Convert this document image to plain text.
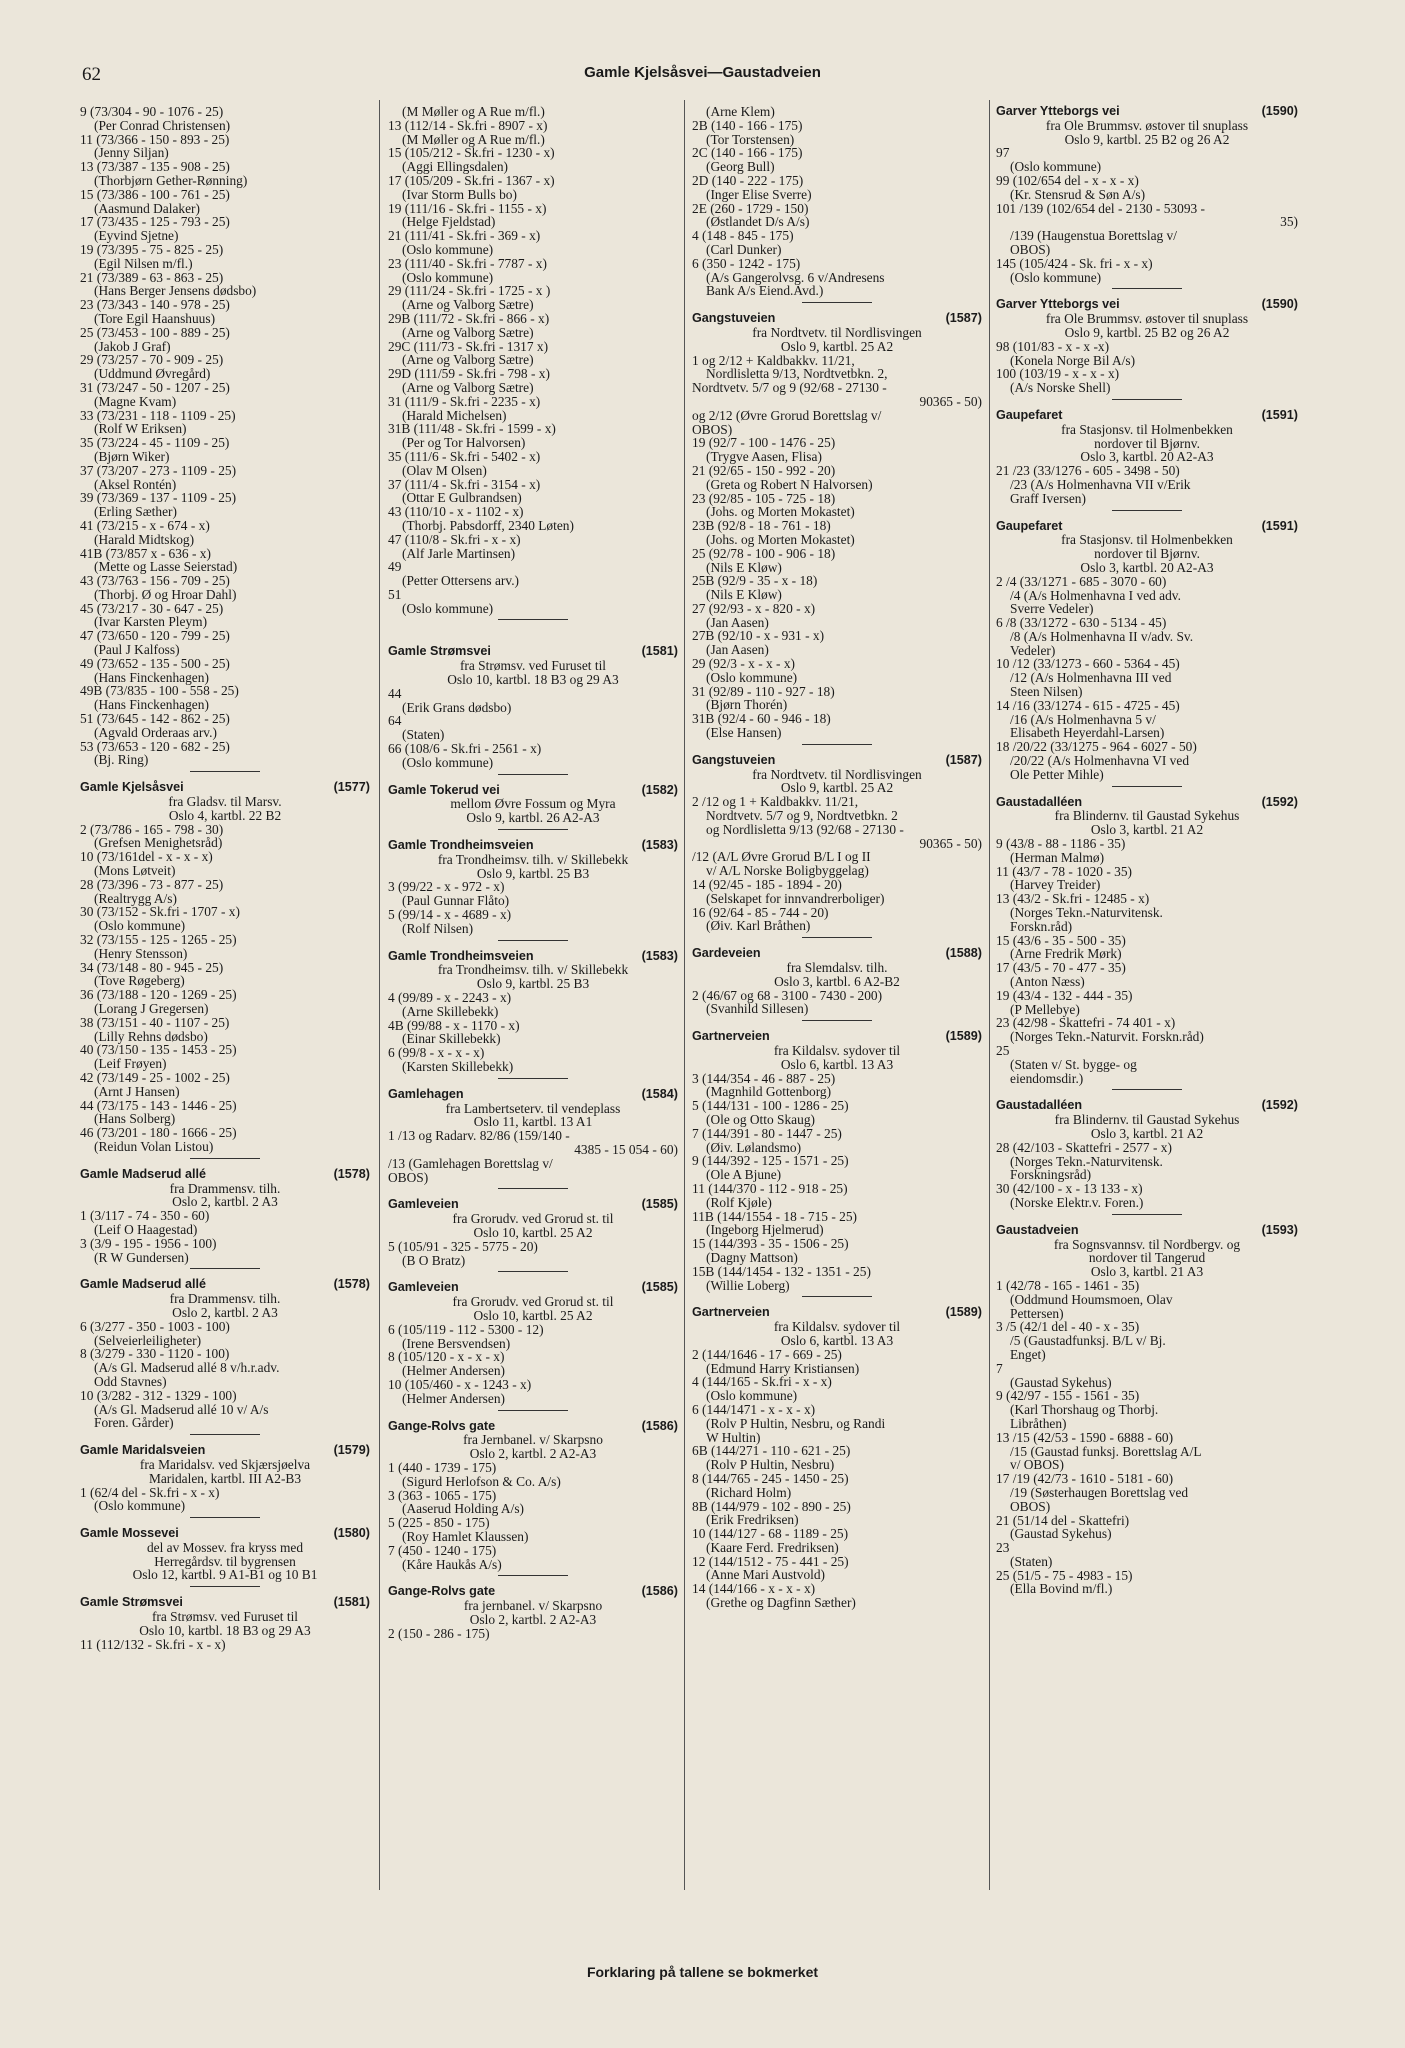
62	Gamle Kjelsåsvei—Gaustadveien
9 (73/304 - 90 - 1076 - 25)
(Per Conrad Christensen)
11 (73/366 - 150 - 893 - 25)
(Jenny Siljan)
13 (73/387 - 135 - 908 - 25)
(Thorbjørn Gether-Rønning)
15 (73/386 - 100 - 761 - 25)
(Aasmund Dalaker)
17 (73/435 - 125 - 793 - 25)
(Eyvind Sjetne)
19 (73/395 - 75 - 825 - 25)
(Egil Nilsen m/fl.)
21 (73/389 - 63 - 863 - 25)
(Hans Berger Jensens dødsbo)
23 (73/343 - 140 - 978 - 25)
(Tore Egil Haanshuus)
25 (73/453 - 100 - 889 - 25)
(Jakob J Graf)
29 (73/257 - 70 - 909 - 25)
(Uddmund Øvregård)
31 (73/247 - 50 - 1207 - 25)
(Magne Kvam)
33 (73/231 - 118 - 1109 - 25)
(Rolf W Eriksen)
35 (73/224 - 45 - 1109 - 25)
(Bjørn Wiker)
37 (73/207 - 273 - 1109 - 25)
(Aksel Rontén)
39 (73/369 - 137 - 1109 - 25)
(Erling Sæther)
41 (73/215 - x - 674 - x)
(Harald Midtskog)
41B (73/857 x - 636 - x)
(Mette og Lasse Seierstad)
43 (73/763 - 156 - 709 - 25)
(Thorbj. Ø og Hroar Dahl)
45 (73/217 - 30 - 647 - 25)
(Ivar Karsten Pleym)
47 (73/650 - 120 - 799 - 25)
(Paul J Kalfoss)
49 (73/652 - 135 - 500 - 25)
(Hans Finckenhagen)
49B (73/835 - 100 - 558 - 25)
(Hans Finckenhagen)
51 (73/645 - 142 - 862 - 25)
(Agvald Orderaas arv.)
53 (73/653 - 120 - 682 - 25)
(Bj. Ring)
Gamle Kjelsåsvei	(1577)
fra Gladsv. til Marsv.
Oslo 4, kartbl. 22 B2
2 (73/786 - 165 - 798 - 30)
(Grefsen Menighetsråd)
10 (73/161del - x - x - x)
(Mons Løtveit)
28 (73/396 - 73 - 877 - 25)
(Realtrygg A/s)
30 (73/152 - Sk.fri - 1707 - x)
(Oslo kommune)
32 (73/155 - 125 - 1265 - 25)
(Henry Stensson)
34 (73/148 - 80 - 945 - 25)
(Tove Røgeberg)
36 (73/188 - 120 - 1269 - 25)
(Lorang J Gregersen)
38 (73/151 - 40 - 1107 - 25)
(Lilly Rehns dødsbo)
40 (73/150 - 135 - 1453 - 25)
(Leif Frøyen)
42 (73/149 - 25 - 1002 - 25)
(Arnt J Hansen)
44 (73/175 - 143 - 1446 - 25)
(Hans Solberg)
46 (73/201 - 180 - 1666 - 25)
(Reidun Volan Listou)
Gamle Madserud allé	(1578)
fra Drammensv. tilh.
Oslo 2, kartbl. 2 A3
1 (3/117 - 74 - 350 - 60)
(Leif O Haagestad)
3 (3/9 - 195 - 1956 - 100)
(R W Gundersen)
Gamle Madserud allé	(1578)
fra Drammensv. tilh.
Oslo 2, kartbl. 2 A3
6 (3/277 - 350 - 1003 - 100)
(Selveierleiligheter)
8 (3/279 - 330 - 1120 - 100)
(A/s Gl. Madserud allé 8 v/h.r.adv.
Odd Stavnes)
10 (3/282 - 312 - 1329 - 100)
(A/s Gl. Madserud allé 10 v/ A/s
Foren. Gårder)
Gamle Maridalsveien	(1579)
fra Maridalsv. ved Skjærsjøelva
Maridalen, kartbl. III A2-B3
1 (62/4 del - Sk.fri - x - x)
(Oslo kommune)
Gamle Mossevei	(1580)
del av Mossev. fra kryss med
Herregårdsv. til bygrensen
Oslo 12, kartbl. 9 A1-B1 og 10 B1
Gamle Strømsvei	(1581)
fra Strømsv. ved Furuset til
Oslo 10, kartbl. 18 B3 og 29 A3
11 (112/132 - Sk.fri - x - x)
(M Møller og A Rue m/fl.)
13 (112/14 - Sk.fri - 8907 - x)
(M Møller og A Rue m/fl.)
15 (105/212 - Sk.fri - 1230 - x)
(Aggi Ellingsdalen)
17 (105/209 - Sk.fri - 1367 - x)
(Ivar Storm Bulls bo)
19 (111/16 - Sk.fri - 1155 - x)
(Helge Fjeldstad)
21 (111/41 - Sk.fri - 369 - x)
(Oslo kommune)
23 (111/40 - Sk.fri - 7787 - x)
(Oslo kommune)
29 (111/24 - Sk.fri - 1725 - x )
(Arne og Valborg Sætre)
29B (111/72 - Sk.fri - 866 - x)
(Arne og Valborg Sætre)
29C (111/73 - Sk.fri - 1317 x)
(Arne og Valborg Sætre)
29D (111/59 - Sk.fri - 798 - x)
(Arne og Valborg Sætre)
31 (111/9 - Sk.fri - 2235 - x)
(Harald Michelsen)
31B (111/48 - Sk.fri - 1599 - x)
(Per og Tor Halvorsen)
35 (111/6 - Sk.fri - 5402 - x)
(Olav M Olsen)
37 (111/4 - Sk.fri - 3154 - x)
(Ottar E Gulbrandsen)
43 (110/10 - x - 1102 - x)
(Thorbj. Pabsdorff, 2340 Løten)
47 (110/8 - Sk.fri - x - x)
(Alf Jarle Martinsen)
49
(Petter Ottersens arv.)
51
(Oslo kommune)
Gamle Strømsvei	(1581)
fra Strømsv. ved Furuset til
Oslo 10, kartbl. 18 B3 og 29 A3
44
(Erik Grans dødsbo)
64
(Staten)
66 (108/6 - Sk.fri - 2561 - x)
(Oslo kommune)
Gamle Tokerud vei	(1582)
mellom Øvre Fossum og Myra
Oslo 9, kartbl. 26 A2-A3
Gamle Trondheimsveien	(1583)
fra Trondheimsv. tilh. v/ Skillebekk
Oslo 9, kartbl. 25 B3
3 (99/22 - x - 972 - x)
(Paul Gunnar Flåto)
5 (99/14 - x - 4689 - x)
(Rolf Nilsen)
Gamle Trondheimsveien	(1583)
fra Trondheimsv. tilh. v/ Skillebekk
Oslo 9, kartbl. 25 B3
4 (99/89 - x - 2243 - x)
(Arne Skillebekk)
4B (99/88 - x - 1170 - x)
(Einar Skillebekk)
6 (99/8 - x - x - x)
(Karsten Skillebekk)
Gamlehagen	(1584)
fra Lambertseterv. til vendeplass
Oslo 11, kartbl. 13 A1
1 /13 og Radarv. 82/86 (159/140 -
4385 - 15 054 - 60)
/13 (Gamlehagen Borettslag v/
OBOS)
Gamleveien	(1585)
fra Grorudv. ved Grorud st. til
Oslo 10, kartbl. 25 A2
5 (105/91 - 325 - 5775 - 20)
(B O Bratz)
Gamleveien	(1585)
fra Grorudv. ved Grorud st. til
Oslo 10, kartbl. 25 A2
6 (105/119 - 112 - 5300 - 12)
(Irene Bersvendsen)
8 (105/120 - x - x - x)
(Helmer Andersen)
10 (105/460 - x - 1243 - x)
(Helmer Andersen)
Gange-Rolvs gate	(1586)
fra Jernbanel. v/ Skarpsno
Oslo 2, kartbl. 2 A2-A3
1 (440 - 1739 - 175)
(Sigurd Herlofson & Co. A/s)
3 (363 - 1065 - 175)
(Aaserud Holding A/s)
5 (225 - 850 - 175)
(Roy Hamlet Klaussen)
7 (450 - 1240 - 175)
(Kåre Haukås A/s)
Gange-Rolvs gate	(1586)
fra jernbanel. v/ Skarpsno
Oslo 2, kartbl. 2 A2-A3
2 (150 - 286 - 175)
(Arne Klem)
2B (140 - 166 - 175)
(Tor Torstensen)
2C (140 - 166 - 175)
(Georg Bull)
2D (140 - 222 - 175)
(Inger Elise Sverre)
2E (260 - 1729 - 150)
(Østlandet D/s A/s)
4 (148 - 845 - 175)
(Carl Dunker)
6 (350 - 1242 - 175)
(A/s Gangerolvsg. 6 v/Andresens
Bank A/s Eiend.Avd.)
Gangstuveien	(1587)
fra Nordtvetv. til Nordlisvingen
Oslo 9, kartbl. 25 A2
1 og 2/12 + Kaldbakkv. 11/21,
Nordlisletta 9/13, Nordtvetbkn. 2,
Nordtvetv. 5/7 og 9 (92/68 - 27130 -
90365 - 50)
og 2/12 (Øvre Grorud Borettslag v/
OBOS)
19 (92/7 - 100 - 1476 - 25)
(Trygve Aasen, Flisa)
21 (92/65 - 150 - 992 - 20)
(Greta og Robert N Halvorsen)
23 (92/85 - 105 - 725 - 18)
(Johs. og Morten Mokastet)
23B (92/8 - 18 - 761 - 18)
(Johs. og Morten Mokastet)
25 (92/78 - 100 - 906 - 18)
(Nils E Kløw)
25B (92/9 - 35 - x - 18)
(Nils E Kløw)
27 (92/93 - x - 820 - x)
(Jan Aasen)
27B (92/10 - x - 931 - x)
(Jan Aasen)
29 (92/3 - x - x - x)
(Oslo kommune)
31 (92/89 - 110 - 927 - 18)
(Bjørn Thorén)
31B (92/4 - 60 - 946 - 18)
(Else Hansen)
Gangstuveien	(1587)
fra Nordtvetv. til Nordlisvingen
Oslo 9, kartbl. 25 A2
2 /12 og 1 + Kaldbakkv. 11/21,
Nordtvetv. 5/7 og 9, Nordtvetbkn. 2
og Nordlisletta 9/13 (92/68 - 27130 -
90365 - 50)
/12 (A/L Øvre Grorud B/L I og II
v/ A/L Norske Boligbyggelag)
14 (92/45 - 185 - 1894 - 20)
(Selskapet for innvandrerboliger)
16 (92/64 - 85 - 744 - 20)
(Øiv. Karl Bråthen)
Gardeveien	(1588)
fra Slemdalsv. tilh.
Oslo 3, kartbl. 6 A2-B2
2 (46/67 og 68 - 3100 - 7430 - 200)
(Svanhild Sillesen)
Gartnerveien	(1589)
fra Kildalsv. sydover til
Oslo 6, kartbl. 13 A3
3 (144/354 - 46 - 887 - 25)
(Magnhild Gottenborg)
5 (144/131 - 100 - 1286 - 25)
(Ole og Otto Skaug)
7 (144/391 - 80 - 1447 - 25)
(Øiv. Lølandsmo)
9 (144/392 - 125 - 1571 - 25)
(Ole A Bjune)
11 (144/370 - 112 - 918 - 25)
(Rolf Kjøle)
11B (144/1554 - 18 - 715 - 25)
(Ingeborg Hjelmerud)
15 (144/393 - 35 - 1506 - 25)
(Dagny Mattson)
15B (144/1454 - 132 - 1351 - 25)
(Willie Loberg)
Gartnerveien	(1589)
fra Kildalsv. sydover til
Oslo 6, kartbl. 13 A3
2 (144/1646 - 17 - 669 - 25)
(Edmund Harry Kristiansen)
4 (144/165 - Sk.fri - x - x)
(Oslo kommune)
6 (144/1471 - x - x - x)
(Rolv P Hultin, Nesbru, og Randi
W Hultin)
6B (144/271 - 110 - 621 - 25)
(Rolv P Hultin, Nesbru)
8 (144/765 - 245 - 1450 - 25)
(Richard Holm)
8B (144/979 - 102 - 890 - 25)
(Erik Fredriksen)
10 (144/127 - 68 - 1189 - 25)
(Kaare Ferd. Fredriksen)
12 (144/1512 - 75 - 441 - 25)
(Anne Mari Austvold)
14 (144/166 - x - x - x)
(Grethe og Dagfinn Sæther)
Garver Ytteborgs vei	(1590)
fra Ole Brummsv. østover til snuplass
Oslo 9, kartbl. 25 B2 og 26 A2
97
(Oslo kommune)
99 (102/654 del - x - x - x)
(Kr. Stensrud & Søn A/s)
101 /139 (102/654 del - 2130 - 53093 -
35)
/139 (Haugenstua Borettslag v/
OBOS)
145 (105/424 - Sk. fri - x - x)
(Oslo kommune)
Garver Ytteborgs vei	(1590)
fra Ole Brummsv. østover til snuplass
Oslo 9, kartbl. 25 B2 og 26 A2
98 (101/83 - x - x -x)
(Konela Norge Bil A/s)
100 (103/19 - x - x - x)
(A/s Norske Shell)
Gaupefaret	(1591)
fra Stasjonsv. til Holmenbekken
nordover til Bjørnv.
Oslo 3, kartbl. 20 A2-A3
21 /23 (33/1276 - 605 - 3498 - 50)
/23 (A/s Holmenhavna VII v/Erik
Graff Iversen)
Gaupefaret	(1591)
fra Stasjonsv. til Holmenbekken
nordover til Bjørnv.
Oslo 3, kartbl. 20 A2-A3
2 /4 (33/1271 - 685 - 3070 - 60)
/4 (A/s Holmenhavna I ved adv.
Sverre Vedeler)
6 /8 (33/1272 - 630 - 5134 - 45)
/8 (A/s Holmenhavna II v/adv. Sv.
Vedeler)
10 /12 (33/1273 - 660 - 5364 - 45)
/12 (A/s Holmenhavna III ved
Steen Nilsen)
14 /16 (33/1274 - 615 - 4725 - 45)
/16 (A/s Holmenhavna 5 v/
Elisabeth Heyerdahl-Larsen)
18 /20/22 (33/1275 - 964 - 6027 - 50)
/20/22 (A/s Holmenhavna VI ved
Ole Petter Mihle)
Gaustadalléen	(1592)
fra Blindernv. til Gaustad Sykehus
Oslo 3, kartbl. 21 A2
9 (43/8 - 88 - 1186 - 35)
(Herman Malmø)
11 (43/7 - 78 - 1020 - 35)
(Harvey Treider)
13 (43/2 - Sk.fri - 12485 - x)
(Norges Tekn.-Naturvitensk.
Forskn.råd)
15 (43/6 - 35 - 500 - 35)
(Arne Fredrik Mørk)
17 (43/5 - 70 - 477 - 35)
(Anton Næss)
19 (43/4 - 132 - 444 - 35)
(P Mellebye)
23 (42/98 - Skattefri - 74 401 - x)
(Norges Tekn.-Naturvit. Forskn.råd)
25
(Staten v/ St. bygge- og
eiendomsdir.)
Gaustadalléen	(1592)
fra Blindernv. til Gaustad Sykehus
Oslo 3, kartbl. 21 A2
28 (42/103 - Skattefri - 2577 - x)
(Norges Tekn.-Naturvitensk.
Forskningsråd)
30 (42/100 - x - 13 133 - x)
(Norske Elektr.v. Foren.)
Gaustadveien	(1593)
fra Sognsvannsv. til Nordbergv. og
nordover til Tangerud
Oslo 3, kartbl. 21 A3
1 (42/78 - 165 - 1461 - 35)
(Oddmund Houmsmoen, Olav
Pettersen)
3 /5 (42/1 del - 40 - x - 35)
/5 (Gaustadfunksj. B/L v/ Bj.
Enget)
7
(Gaustad Sykehus)
9 (42/97 - 155 - 1561 - 35)
(Karl Thorshaug og Thorbj.
Libråthen)
13 /15 (42/53 - 1590 - 6888 - 60)
/15 (Gaustad funksj. Borettslag A/L
v/ OBOS)
17 /19 (42/73 - 1610 - 5181 - 60)
/19 (Søsterhaugen Borettslag ved
OBOS)
21 (51/14 del - Skattefri)
(Gaustad Sykehus)
23
(Staten)
25 (51/5 - 75 - 4983 - 15)
(Ella Bovind m/fl.)
Forklaring på tallene se bokmerket
